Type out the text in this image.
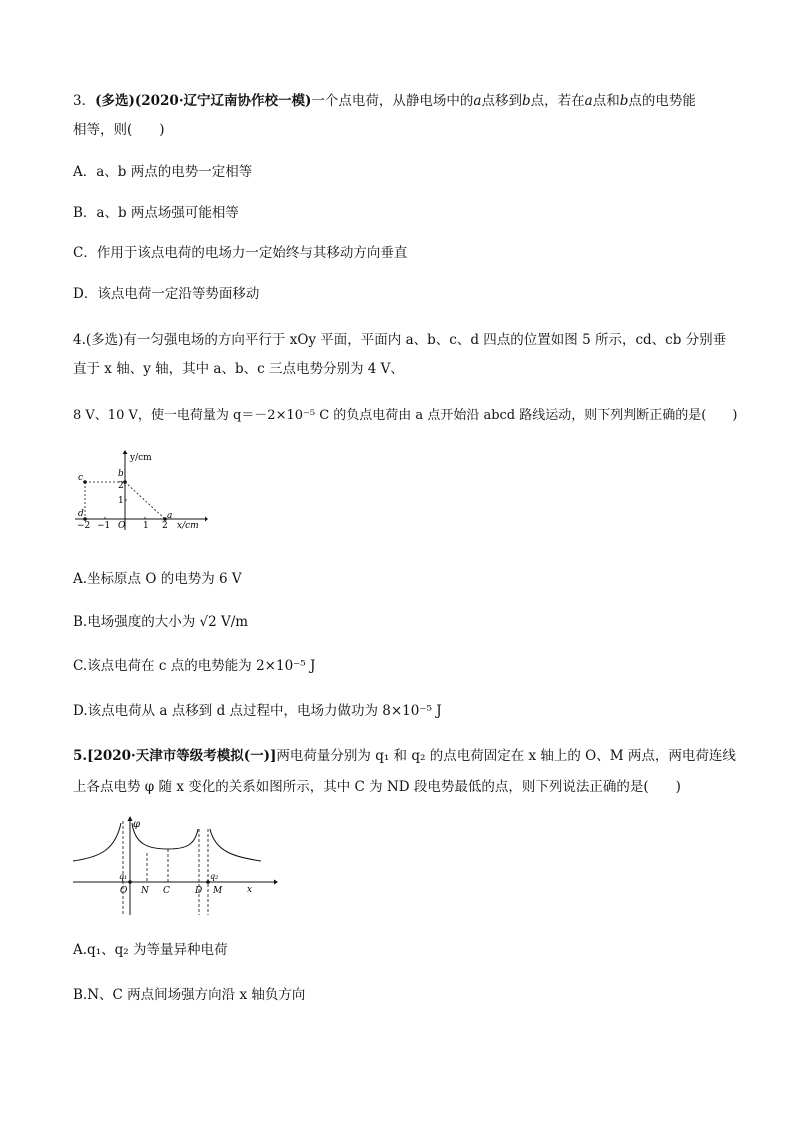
3．(多选)(2020·辽宁辽南协作校一模)一个点电荷，从静电场中的a点移到b点，若在a点和b点的电势能
相等，则(　　)
A．a、b 两点的电势一定相等
B．a、b 两点场强可能相等
C．作用于该点电荷的电场力一定始终与其移动方向垂直
D．该点电荷一定沿等势面移动
4.(多选)有一匀强电场的方向平行于 xOy 平面，平面内 a、b、c、d 四点的位置如图 5 所示，cd、cb 分别垂
直于 x 轴、y 轴，其中 a、b、c 三点电势分别为 4 V、
8 V、10 V，使一电荷量为 q＝－2×10⁻⁵ C 的负点电荷由 a 点开始沿 abcd 路线运动，则下列判断正确的是(　　)
y/cm
x/cm
c	b
a
d
2
1
−2 −1 O 1 2
A.坐标原点 O 的电势为 6 V
B.电场强度的大小为 √2 V/m
C.该点电荷在 c 点的电势能为 2×10⁻⁵ J
D.该点电荷从 a 点移到 d 点过程中，电场力做功为 8×10⁻⁵ J
5.[2020·天津市等级考模拟(一)]两电荷量分别为 q₁ 和 q₂ 的点电荷固定在 x 轴上的 O、M 两点，两电荷连线
上各点电势 φ 随 x 变化的关系如图所示，其中 C 为 ND 段电势最低的点，则下列说法正确的是(　　)
φ
x
q₁	q₂
O N C	D M
A.q₁、q₂ 为等量异种电荷
B.N、C 两点间场强方向沿 x 轴负方向
